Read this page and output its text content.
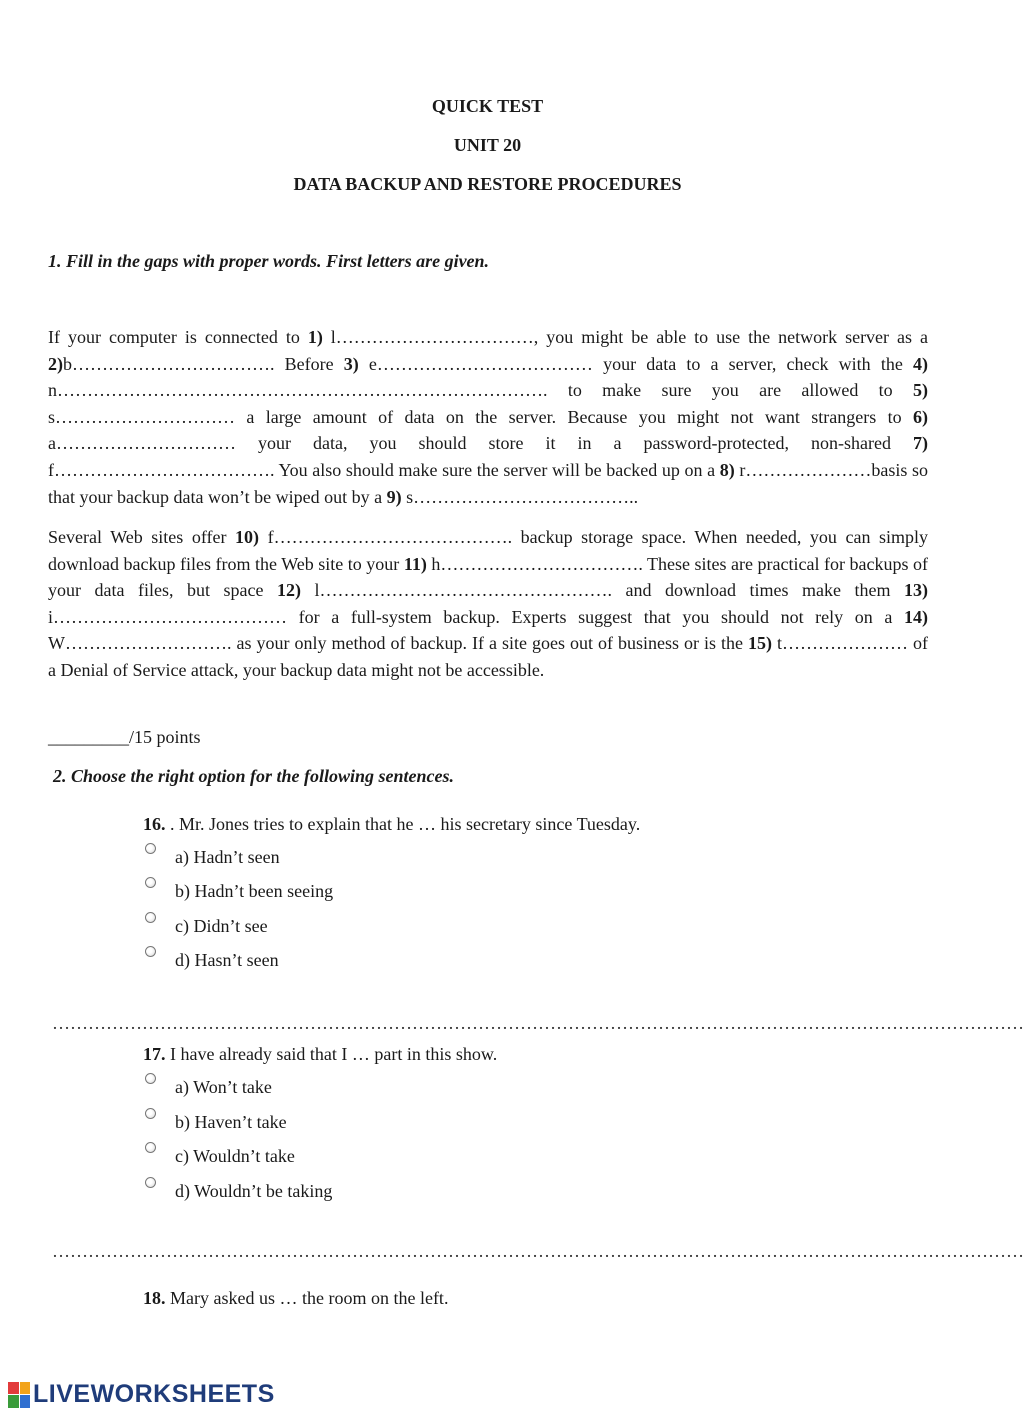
QUICK TEST
UNIT 20
DATA BACKUP AND RESTORE PROCEDURES

1. Fill in the gaps with proper words. First letters are given.

If your computer is connected to 1) l……………………………, you might be able to use the network server as a 2)b……………………………. Before 3) e……………………………… your data to a server, check with the 4) n………………………………………………………………………. to make sure you are allowed to 5) s………………………… a large amount of data on the server. Because you might not want strangers to 6) a………………………… your data, you should store it in a password-protected, non-shared 7) f………………………………. You also should make sure the server will be backed up on a 8) r…………………basis so that your backup data won’t be wiped out by a 9) s………………………………..

Several Web sites offer 10) f…………………………………. backup storage space. When needed, you can simply download backup files from the Web site to your 11) h……………………………. These sites are practical for backups of your data files, but space 12) l…………………………………………. and download times make them 13) i………………………………… for a full-system backup. Experts suggest that you should not rely on a 14) W………………………. as your only method of backup. If a site goes out of business or is the 15) t………………… of a Denial of Service attack, your backup data might not be accessible.

_________/15 points

2. Choose the right option for the following sentences.

16. . Mr. Jones tries to explain that he … his secretary since Tuesday.

a) Hadn’t seen
b) Hadn’t been seeing
c) Didn’t see
d) Hasn’t seen
………………………………………………………………………………………………………………………………………………

17. I have already said that I … part in this show.

a) Won’t take
b) Haven’t take
c) Wouldn’t take
d) Wouldn’t be taking
………………………………………………………………………………………………………………………………………………

18. Mary asked us … the room on the left.

LIVEWORKSHEETS
